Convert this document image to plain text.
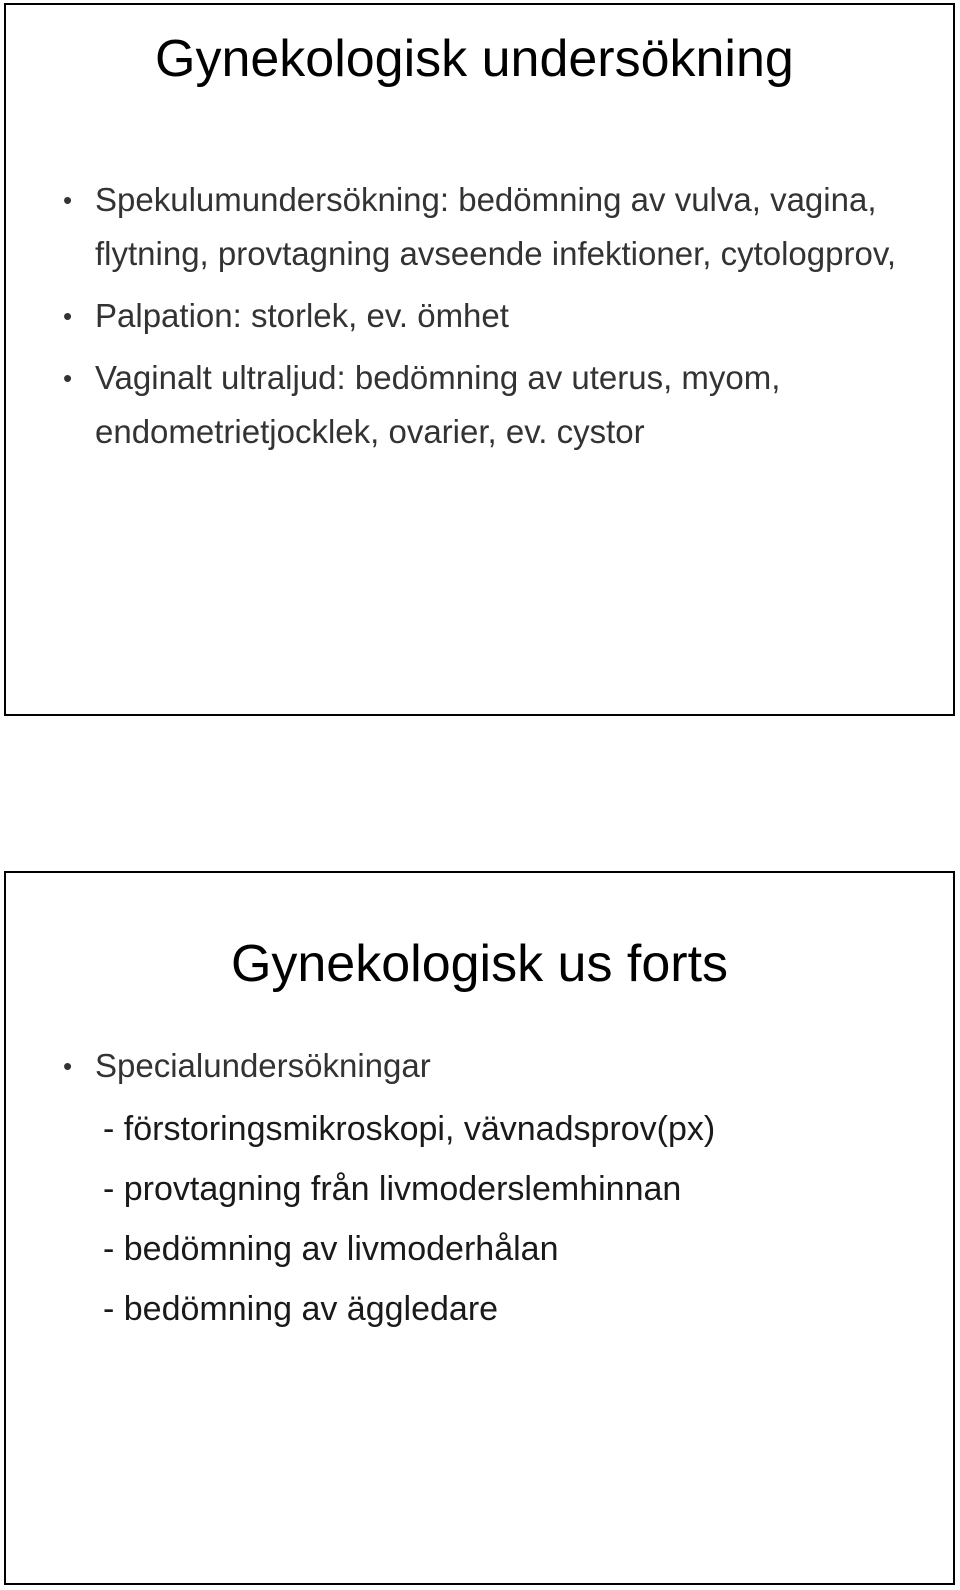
Gynekologisk undersökning
• Spekulumundersökning: bedömning av vulva, vagina, flytning, provtagning avseende infektioner, cytologprov,
• Palpation: storlek, ev. ömhet
• Vaginalt ultraljud: bedömning av uterus, myom, endometrietjocklek, ovarier, ev. cystor
Gynekologisk us forts
• Specialundersökningar
- förstoringsmikroskopi, vävnadsprov(px)
- provtagning från livmoderslemhinnan
- bedömning av livmoderhålan
- bedömning av äggledare
